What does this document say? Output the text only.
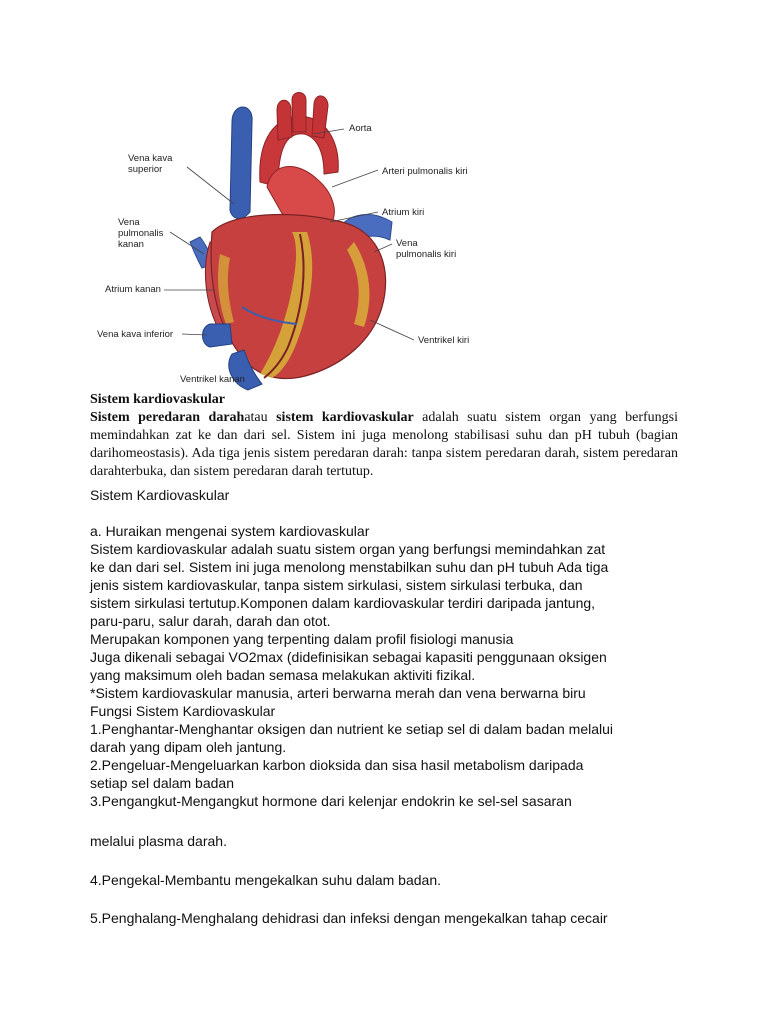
Aorta
Arteri pulmonalis kiri
Vena kava
superior
Atrium kiri
Vena
pulmonalis
kanan	Vena
pulmonalis kiri
Atrium kanan
Vena kava inferior
Ventrikel kiri
Ventrikel kanan
Sistem kardiovaskular
Sistem peredaran darahatau sistem kardiovaskular adalah suatu sistem organ yang berfungsi memindahkan zat ke dan dari sel. Sistem ini juga menolong stabilisasi suhu dan pH tubuh (bagian darihomeostasis). Ada tiga jenis sistem peredaran darah: tanpa sistem peredaran darah, sistem peredaran darahterbuka, dan sistem peredaran darah tertutup.
Sistem Kardiovaskular
a. Huraikan mengenai system kardiovaskular
Sistem kardiovaskular adalah suatu sistem organ yang berfungsi memindahkan zat
ke dan dari sel. Sistem ini juga menolong menstabilkan suhu dan pH tubuh Ada tiga
jenis sistem kardiovaskular, tanpa sistem sirkulasi, sistem sirkulasi terbuka, dan
sistem sirkulasi tertutup.Komponen dalam kardiovaskular terdiri daripada jantung,
paru-paru, salur darah, darah dan otot.
Merupakan komponen yang terpenting dalam profil fisiologi manusia
Juga dikenali sebagai VO2max (didefinisikan sebagai kapasiti penggunaan oksigen
yang maksimum oleh badan semasa melakukan aktiviti fizikal.
*Sistem kardiovaskular manusia, arteri berwarna merah dan vena berwarna biru
Fungsi Sistem Kardiovaskular
1.Penghantar-Menghantar oksigen dan nutrient ke setiap sel di dalam badan melalui
darah yang dipam oleh jantung.
2.Pengeluar-Mengeluarkan karbon dioksida dan sisa hasil metabolism daripada
setiap sel dalam badan
3.Pengangkut-Mengangkut hormone dari kelenjar endokrin ke sel-sel sasaran
melalui plasma darah.
4.Pengekal-Membantu mengekalkan suhu dalam badan.
5.Penghalang-Menghalang dehidrasi dan infeksi dengan mengekalkan tahap cecair
